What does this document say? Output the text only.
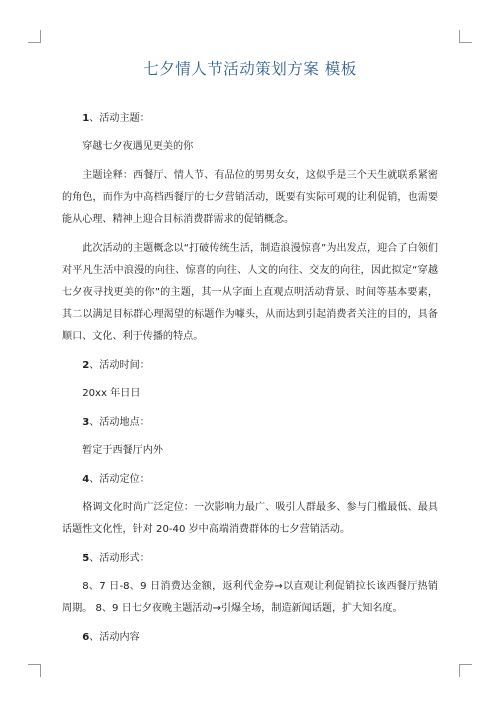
七夕情人节活动策划方案 模板
1、活动主题：
穿越七夕夜遇见更美的你
主题诠释：西餐厅、情人节、有品位的男男女女，这似乎是三个天生就联系紧密的角色，而作为中高档西餐厅的七夕营销活动，既要有实际可观的让利促销，也需要能从心理、精神上迎合目标消费群需求的促销概念。
此次活动的主题概念以“打破传统生活，制造浪漫惊喜”为出发点，迎合了白领们对平凡生活中浪漫的向往、惊喜的向往、人文的向往、交友的向往，因此拟定“穿越七夕夜寻找更美的你”的主题，其一从字面上直观点明活动背景、时间等基本要素，其二以满足目标群心理渴望的标题作为噱头，从而达到引起消费者关注的目的，具备顺口、文化、利于传播的特点。
2、活动时间：
20xx 年日日
3、活动地点：
暂定于西餐厅内外
4、活动定位：
格调文化时尚广泛定位：一次影响力最广、吸引人群最多、参与门槛最低、最具话题性文化性，针对 20-40 岁中高端消费群体的七夕营销活动。
5、活动形式：
8、7 日-8、9 日消费达金额，返利代金券→以直观让利促销拉长该西餐厅热销周期。 8、9 日七夕夜晚主题活动→引爆全场，制造新闻话题，扩大知名度。
6、活动内容
